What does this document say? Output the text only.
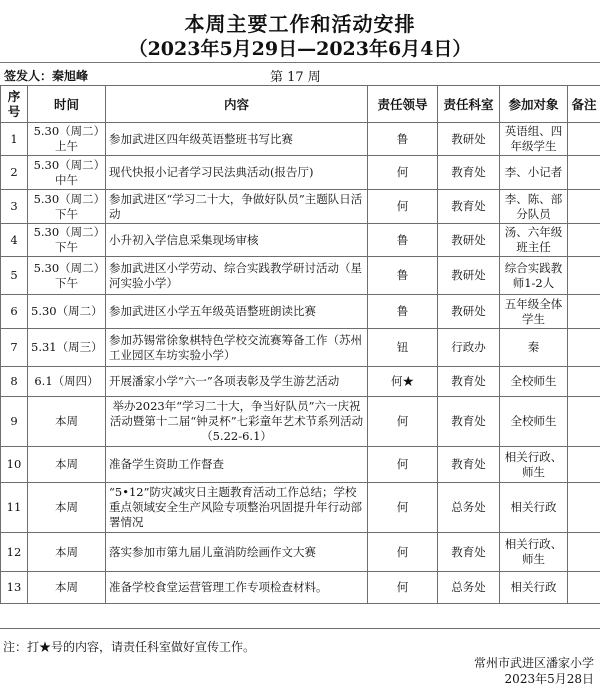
本周主要工作和活动安排
（2023年5月29日—2023年6月4日）
签发人：秦旭峰	第 17 周
序号	时间	内容	责任领导	责任科室	参加对象	备注
1	5.30（周二）上午	参加武进区四年级英语整班书写比赛	鲁	教研处	英语组、四年级学生	
2	5.30（周二）中午	现代快报小记者学习民法典活动(报告厅)	何	教育处	李、小记者	
3	5.30（周二）下午	参加武进区“学习二十大，争做好队员”主题队日活动	何	教育处	李、陈、部分队员	
4	5.30（周二）下午	小升初入学信息采集现场审核	鲁	教研处	汤、六年级班主任	
5	5.30（周二）下午	参加武进区小学劳动、综合实践教学研讨活动（星河实验小学）	鲁	教研处	综合实践教师1-2人	
6	5.30（周二）	参加武进区小学五年级英语整班朗读比赛	鲁	教研处	五年级全体学生	
7	5.31（周三）	参加苏锡常徐象棋特色学校交流赛筹备工作（苏州工业园区车坊实验小学）	钮	行政办	秦	
8	6.1（周四）	开展潘家小学“六一”各项表彰及学生游艺活动	何★	教育处	全校师生	
9	本周	举办2023年“学习二十大，争当好队员”六一庆祝活动暨第十二届“钟灵杯”七彩童年艺术节系列活动（5.22-6.1）	何	教育处	全校师生	
10	本周	准备学生资助工作督查	何	教育处	相关行政、师生	
11	本周	“5•12”防灾减灾日主题教育活动工作总结；学校重点领域安全生产风险专项整治巩固提升年行动部署情况	何	总务处	相关行政	
12	本周	落实参加市第九届儿童消防绘画作文大赛	何	教育处	相关行政、师生	
13	本周	准备学校食堂运营管理工作专项检查材料。	何	总务处	相关行政	
注：打★号的内容，请责任科室做好宣传工作。
常州市武进区潘家小学
2023年5月28日
